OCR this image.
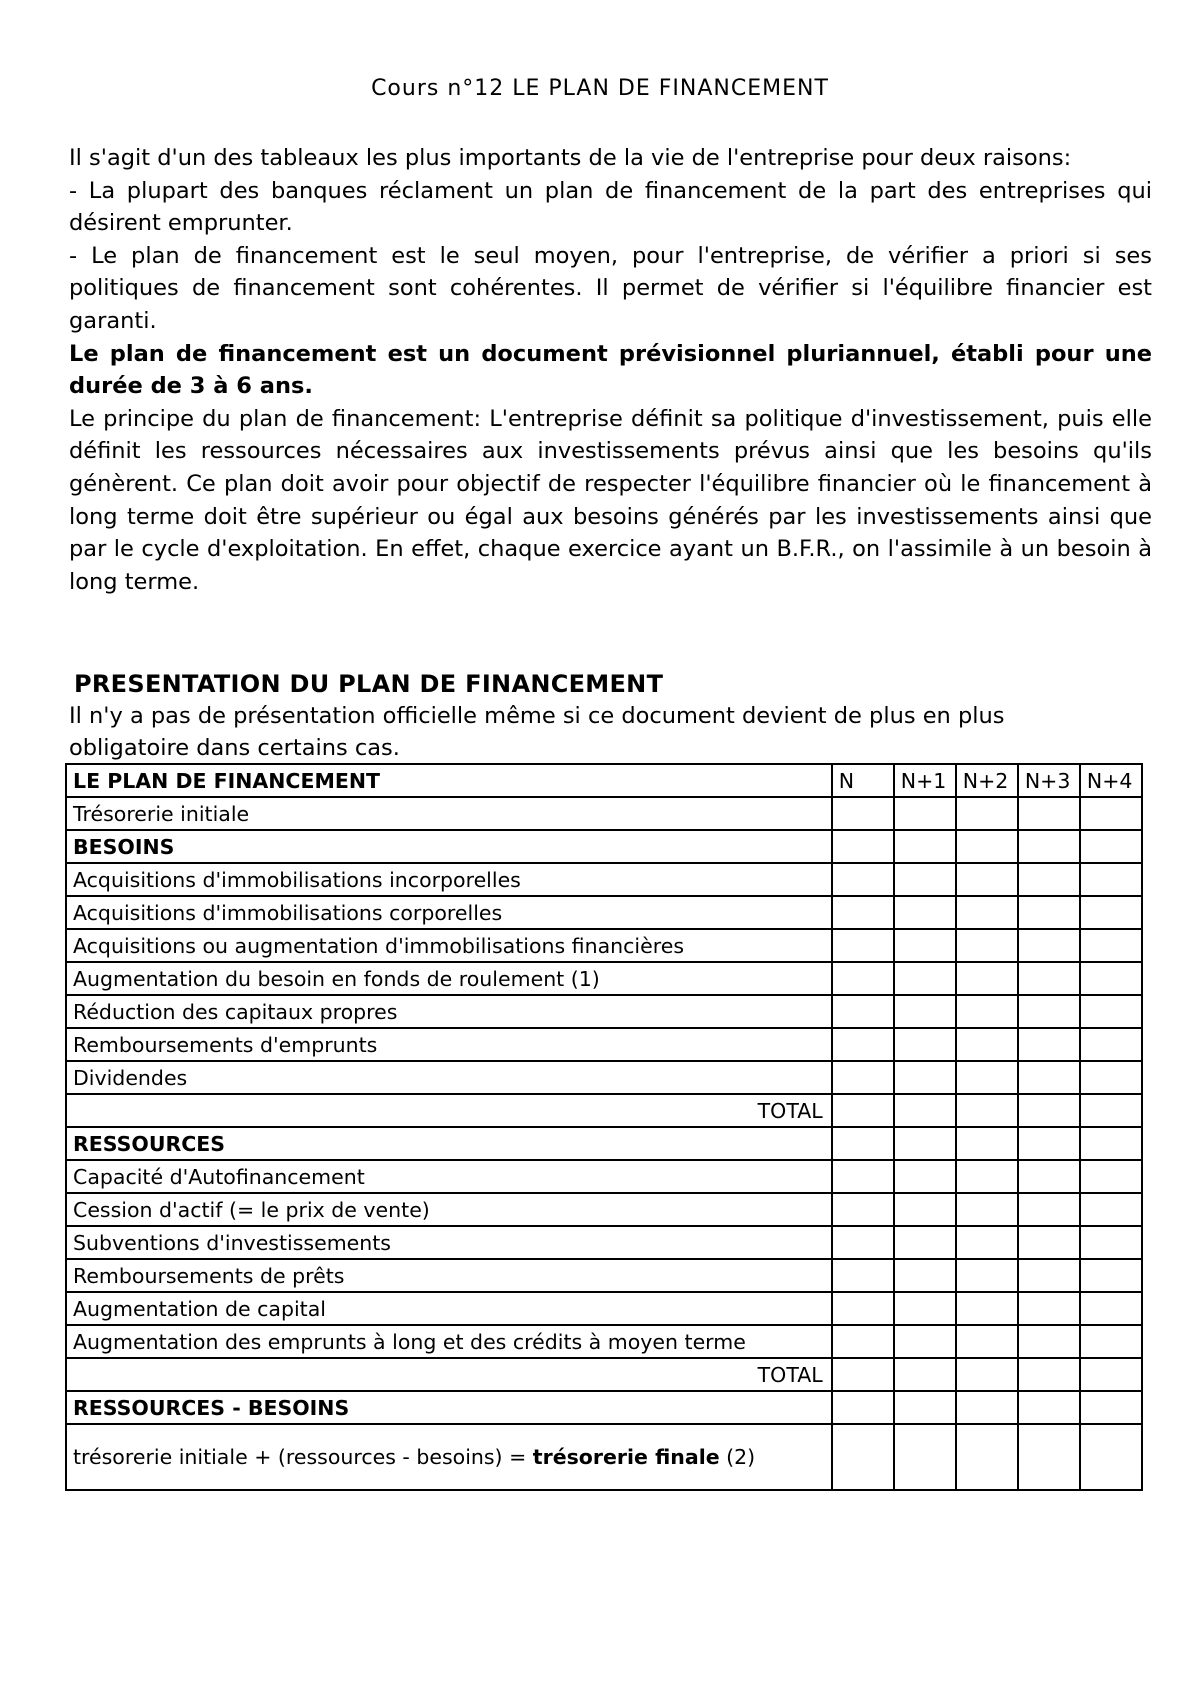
Cours n°12 LE PLAN DE FINANCEMENT

Il s'agit d'un des tableaux les plus importants de la vie de l'entreprise pour deux raisons:

- La plupart des banques réclament un plan de financement de la part des entreprises qui désirent emprunter.

- Le plan de financement est le seul moyen, pour l'entreprise, de vérifier a priori si ses politiques de financement sont cohérentes. Il permet de vérifier si l'équilibre financier est garanti.

Le plan de financement est un document prévisionnel pluriannuel, établi pour une durée de 3 à 6 ans.

Le principe du plan de financement: L'entreprise définit sa politique d'investissement, puis elle définit les ressources nécessaires aux investissements prévus ainsi que les besoins qu'ils génèrent. Ce plan doit avoir pour objectif de respecter l'équilibre financier où le financement à long terme doit être supérieur ou égal aux besoins générés par les investissements ainsi que par le cycle d'exploitation. En effet, chaque exercice ayant un B.F.R., on l'assimile à un besoin à long terme.

PRESENTATION DU PLAN DE FINANCEMENT

Il n'y a pas de présentation officielle même si ce document devient de plus en plus obligatoire dans certains cas.

LE PLAN DE FINANCEMENT	N	N+1	N+2	N+3	N+4
Trésorerie initiale					
BESOINS					
Acquisitions d'immobilisations incorporelles					
Acquisitions d'immobilisations corporelles					
Acquisitions ou augmentation d'immobilisations financières					
Augmentation du besoin en fonds de roulement (1)					
Réduction des capitaux propres					
Remboursements d'emprunts					
Dividendes					
TOTAL					
RESSOURCES					
Capacité d'Autofinancement					
Cession d'actif (= le prix de vente)					
Subventions d'investissements					
Remboursements de prêts					
Augmentation de capital					
Augmentation des emprunts à long et des crédits à moyen terme					
TOTAL					
RESSOURCES - BESOINS					
trésorerie initiale + (ressources - besoins) = trésorerie finale (2)					
